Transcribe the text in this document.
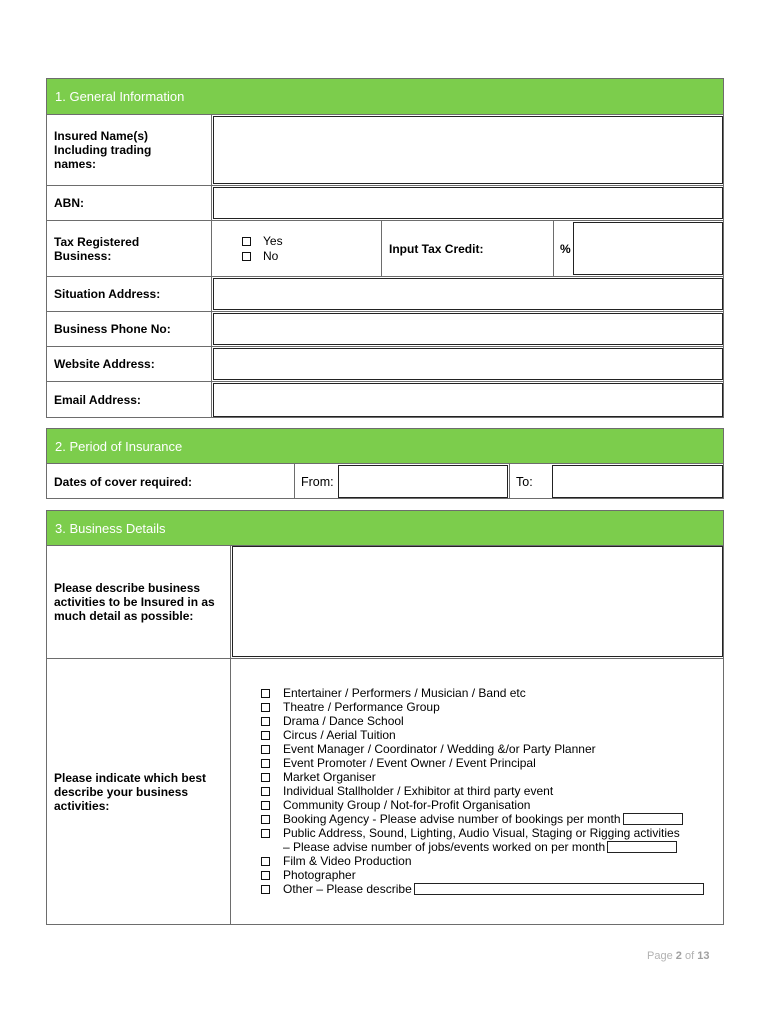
1. General Information
Insured Name(s) Including trading names:
ABN:
Tax Registered Business:
Yes
No
Input Tax Credit:	%
Situation Address:
Business Phone No:
Website Address:
Email Address:
2. Period of Insurance
Dates of cover required:	From:	To:
3. Business Details
Please describe business activities to be Insured in as much detail as possible:
Please indicate which best describe your business activities:
Entertainer / Performers / Musician / Band etc
Theatre / Performance Group
Drama / Dance School
Circus / Aerial Tuition
Event Manager / Coordinator / Wedding &/or Party Planner
Event Promoter / Event Owner / Event Principal
Market Organiser
Individual Stallholder / Exhibitor at third party event
Community Group / Not-for-Profit Organisation
Booking Agency - Please advise number of bookings per month
Public Address, Sound, Lighting, Audio Visual, Staging or Rigging activities
– Please advise number of jobs/events worked on per month
Film & Video Production
Photographer
Other – Please describe
Page 2 of 13
